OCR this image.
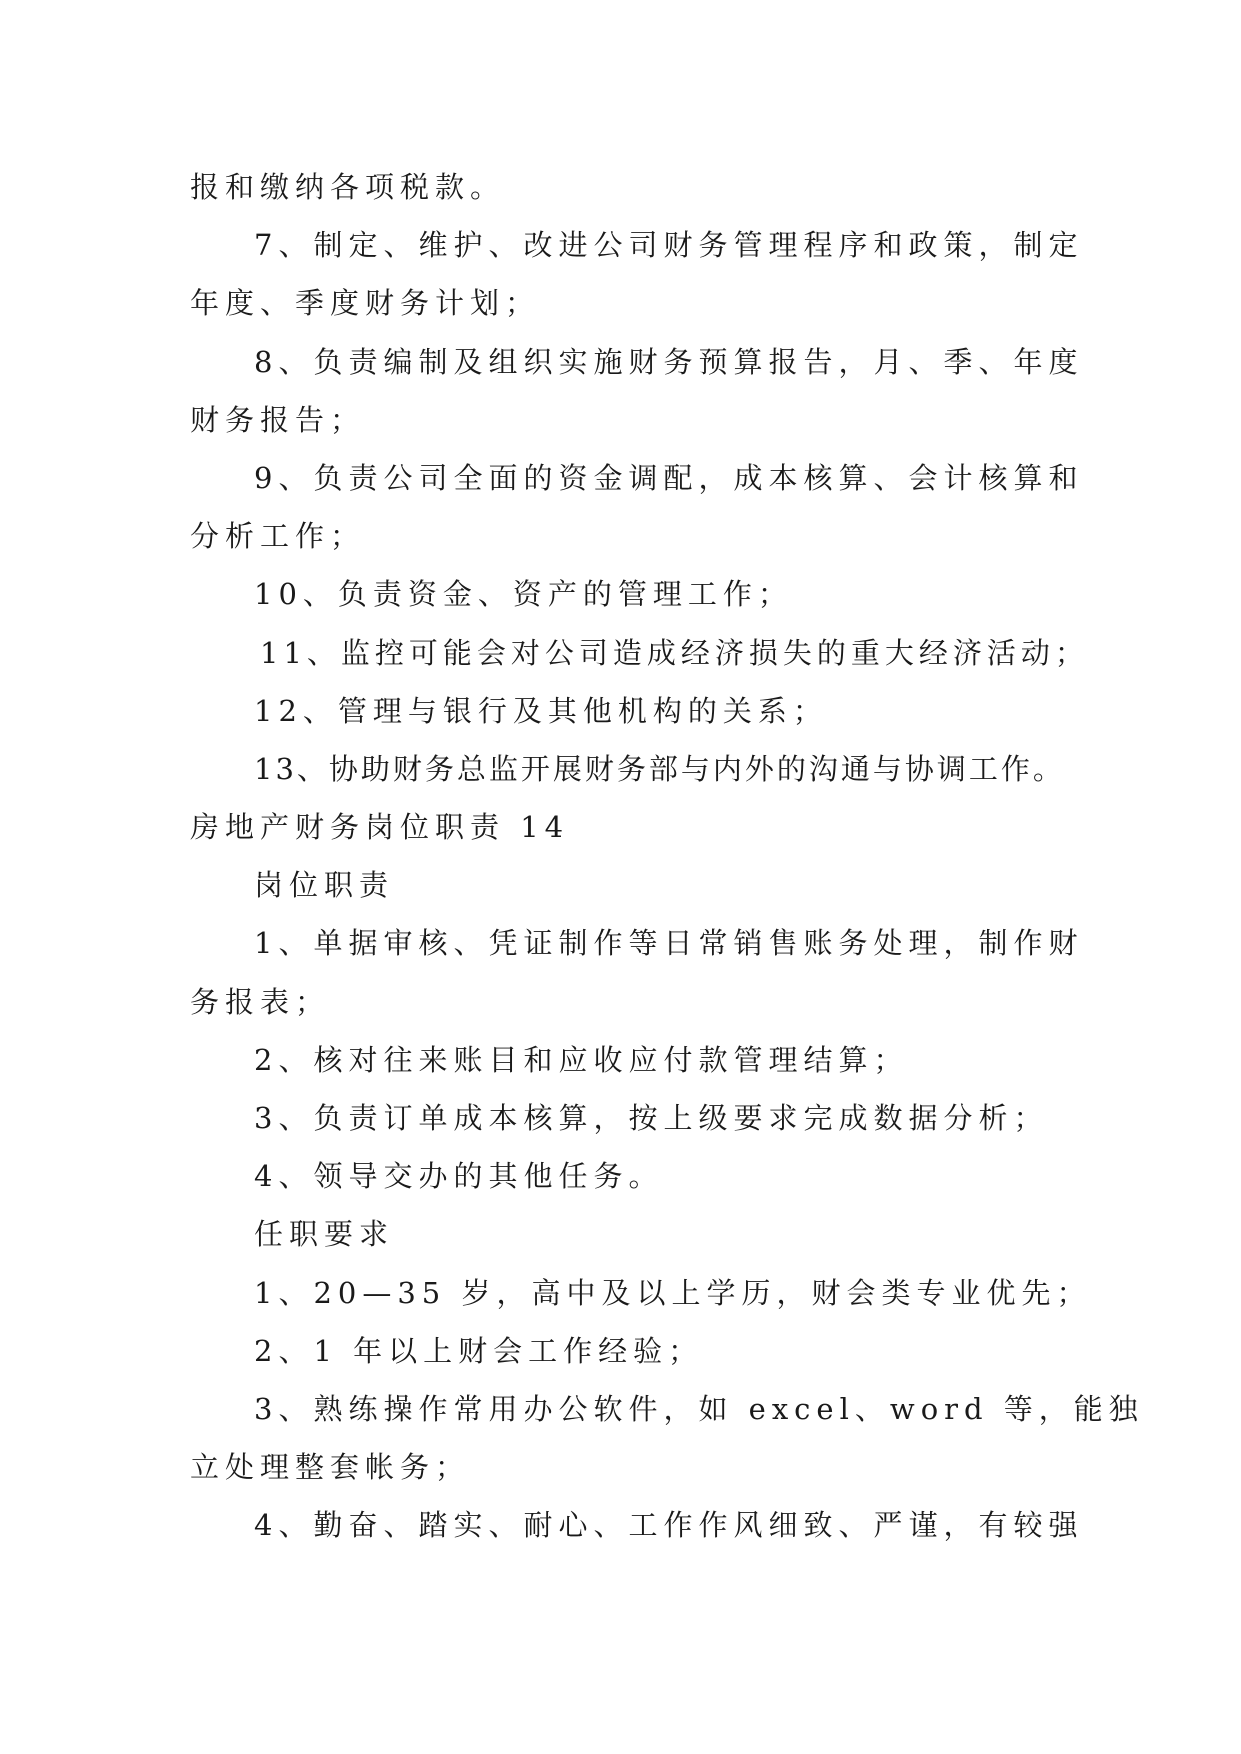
报和缴纳各项税款。
7、制定、维护、改进公司财务管理程序和政策，制定
年度、季度财务计划；
8、负责编制及组织实施财务预算报告，月、季、年度
财务报告；
9、负责公司全面的资金调配，成本核算、会计核算和
分析工作；
10、负责资金、资产的管理工作；
11、监控可能会对公司造成经济损失的重大经济活动；
12、管理与银行及其他机构的关系；
13、协助财务总监开展财务部与内外的沟通与协调工作。
房地产财务岗位职责 14
岗位职责
1、单据审核、凭证制作等日常销售账务处理，制作财
务报表；
2、核对往来账目和应收应付款管理结算；
3、负责订单成本核算，按上级要求完成数据分析；
4、领导交办的其他任务。
任职要求
1、20—35 岁，高中及以上学历，财会类专业优先；
2、1 年以上财会工作经验；
3、熟练操作常用办公软件，如 excel、word 等，能独
立处理整套帐务；
4、勤奋、踏实、耐心、工作作风细致、严谨，有较强
